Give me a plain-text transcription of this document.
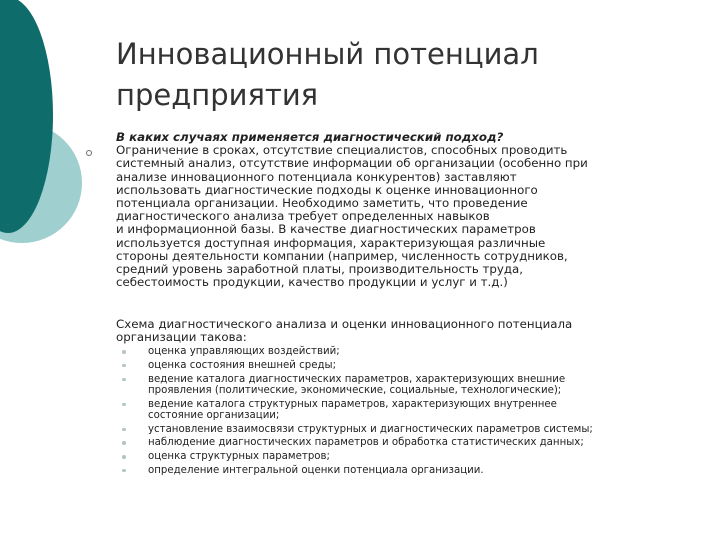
Инновационный потенциал
предприятия
В каких случаях применяется диагностический подход?
Ограничение в сроках, отсутствие специалистов, способных проводить
системный анализ, отсутствие информации об организации (особенно при
анализе инновационного потенциала конкурентов) заставляют
использовать диагностические подходы к оценке инновационного
потенциала организации. Необходимо заметить, что проведение
диагностического анализа требует определенных навыков
и информационной базы. В качестве диагностических параметров
используется доступная информация, характеризующая различные
стороны деятельности компании (например, численность сотрудников,
средний уровень заработной платы, производительность труда,
себестоимость продукции, качество продукции и услуг и т.д.)
Схема диагностического анализа и оценки инновационного потенциала
организации такова:
оценка управляющих воздействий;
оценка состояния внешней среды;
ведение каталога диагностических параметров, характеризующих внешние
проявления (политические, экономические, социальные, технологические);
ведение каталога структурных параметров, характеризующих внутреннее
состояние организации;
установление взаимосвязи структурных и диагностических параметров системы;
наблюдение диагностических параметров и обработка статистических данных;
оценка структурных параметров;
определение интегральной оценки потенциала организации.
